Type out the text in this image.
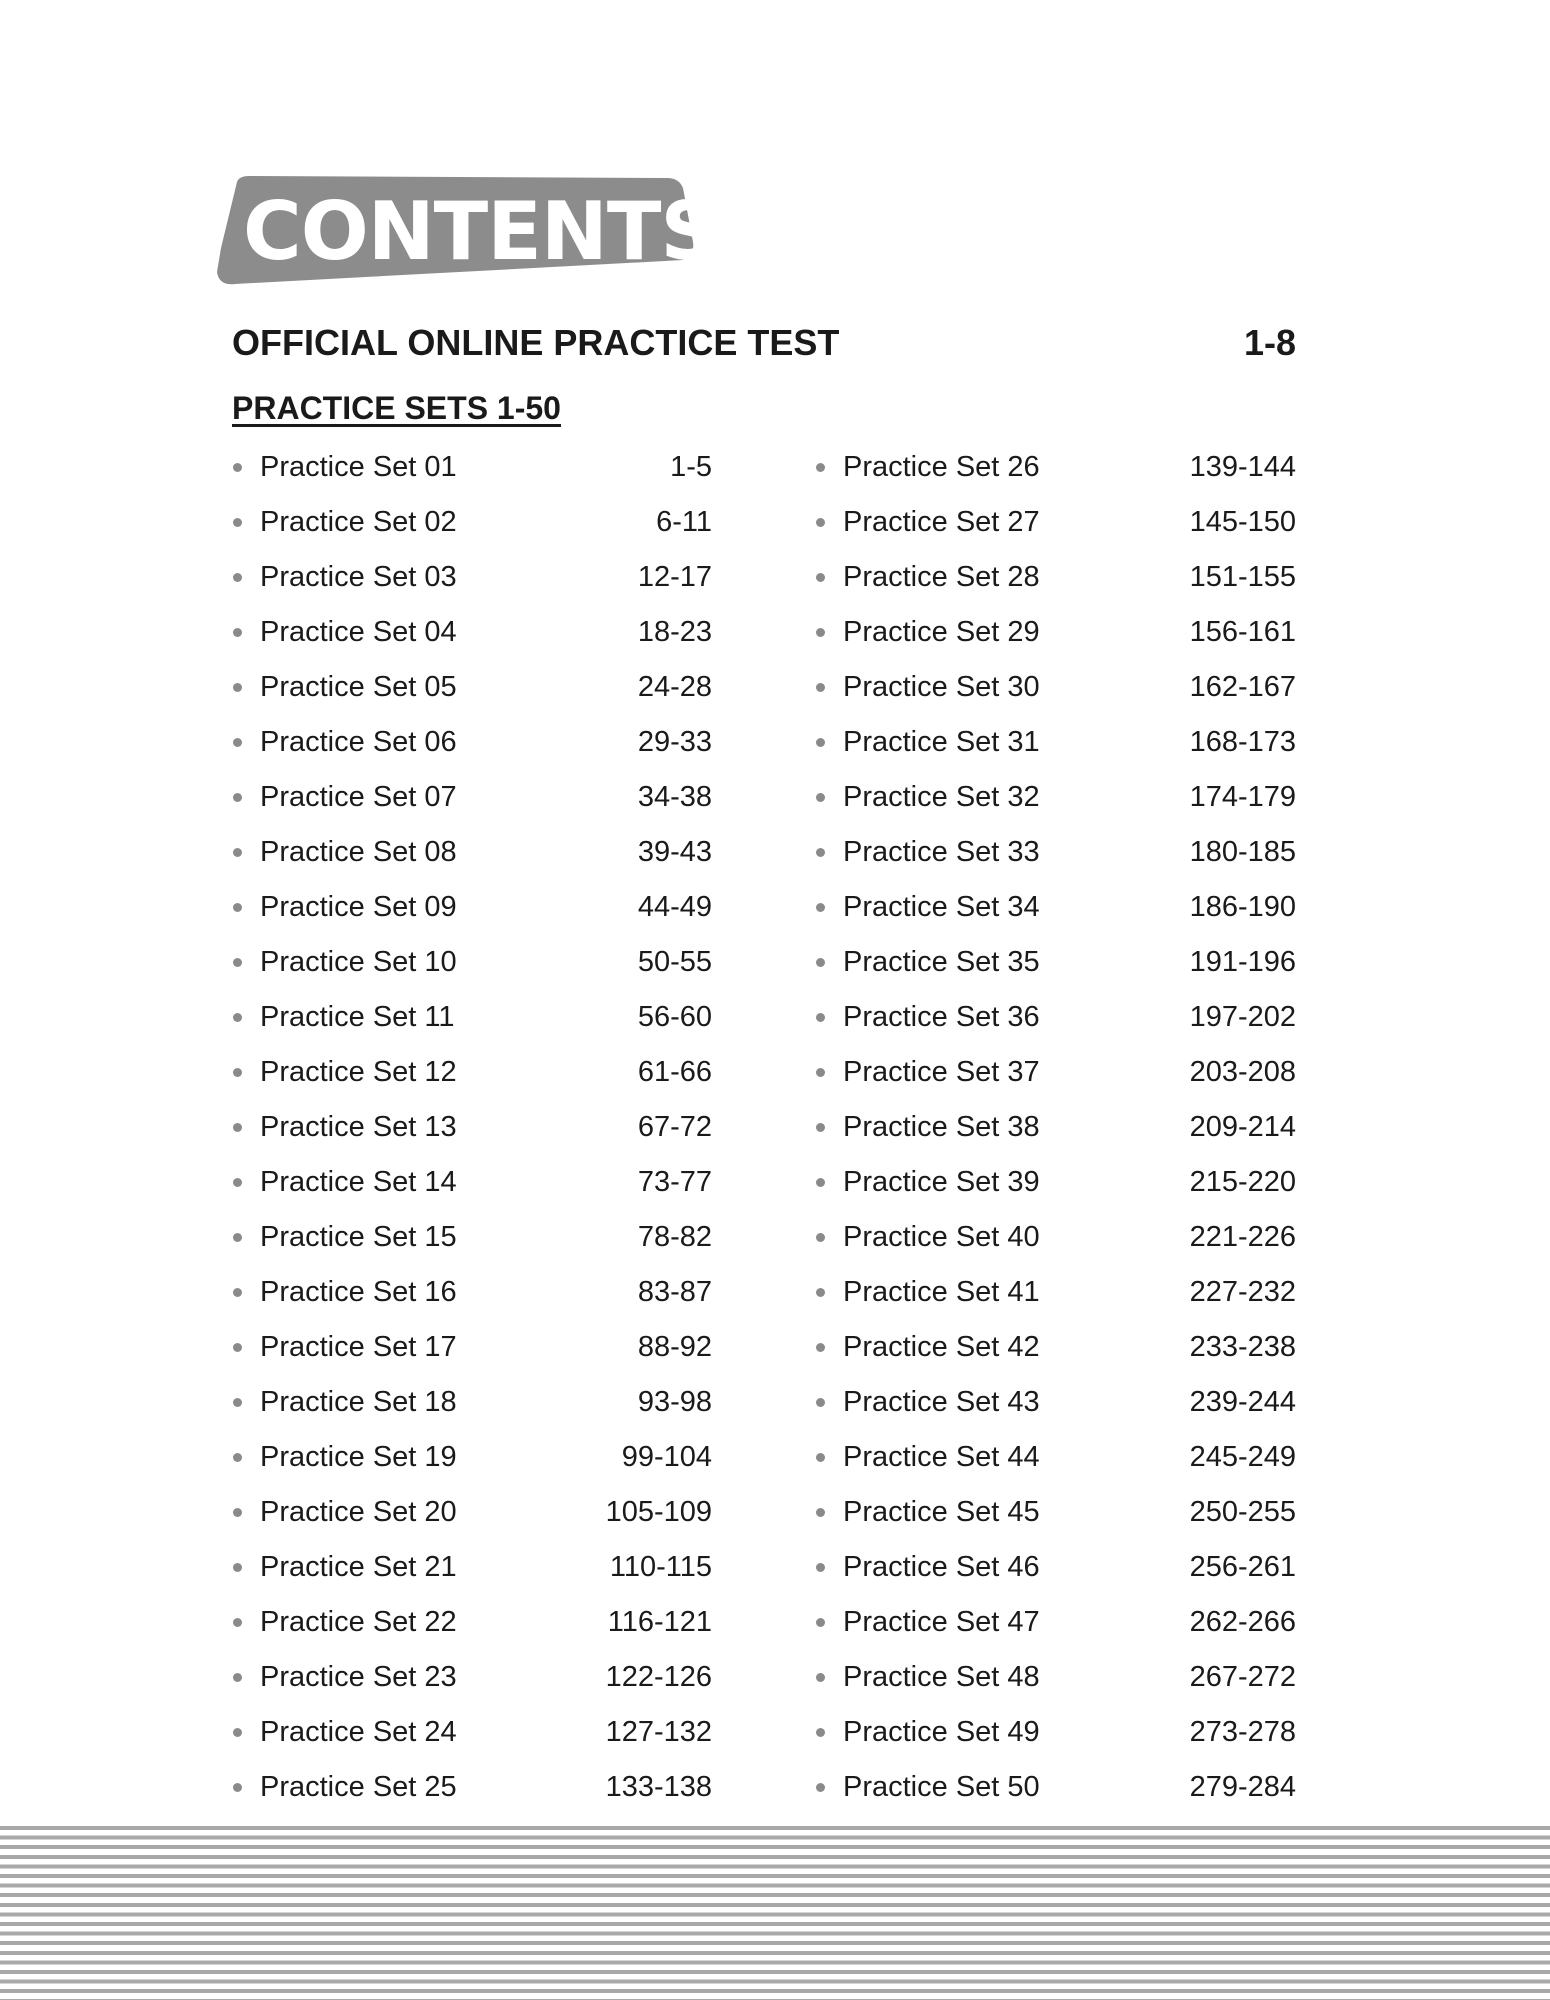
CONTENTS
OFFICIAL ONLINE PRACTICE TEST	1-8
PRACTICE SETS 1-50
Practice Set 01	1-5
Practice Set 02	6-11
Practice Set 03	12-17
Practice Set 04	18-23
Practice Set 05	24-28
Practice Set 06	29-33
Practice Set 07	34-38
Practice Set 08	39-43
Practice Set 09	44-49
Practice Set 10	50-55
Practice Set 11	56-60
Practice Set 12	61-66
Practice Set 13	67-72
Practice Set 14	73-77
Practice Set 15	78-82
Practice Set 16	83-87
Practice Set 17	88-92
Practice Set 18	93-98
Practice Set 19	99-104
Practice Set 20	105-109
Practice Set 21	110-115
Practice Set 22	116-121
Practice Set 23	122-126
Practice Set 24	127-132
Practice Set 25	133-138
Practice Set 26	139-144
Practice Set 27	145-150
Practice Set 28	151-155
Practice Set 29	156-161
Practice Set 30	162-167
Practice Set 31	168-173
Practice Set 32	174-179
Practice Set 33	180-185
Practice Set 34	186-190
Practice Set 35	191-196
Practice Set 36	197-202
Practice Set 37	203-208
Practice Set 38	209-214
Practice Set 39	215-220
Practice Set 40	221-226
Practice Set 41	227-232
Practice Set 42	233-238
Practice Set 43	239-244
Practice Set 44	245-249
Practice Set 45	250-255
Practice Set 46	256-261
Practice Set 47	262-266
Practice Set 48	267-272
Practice Set 49	273-278
Practice Set 50	279-284
